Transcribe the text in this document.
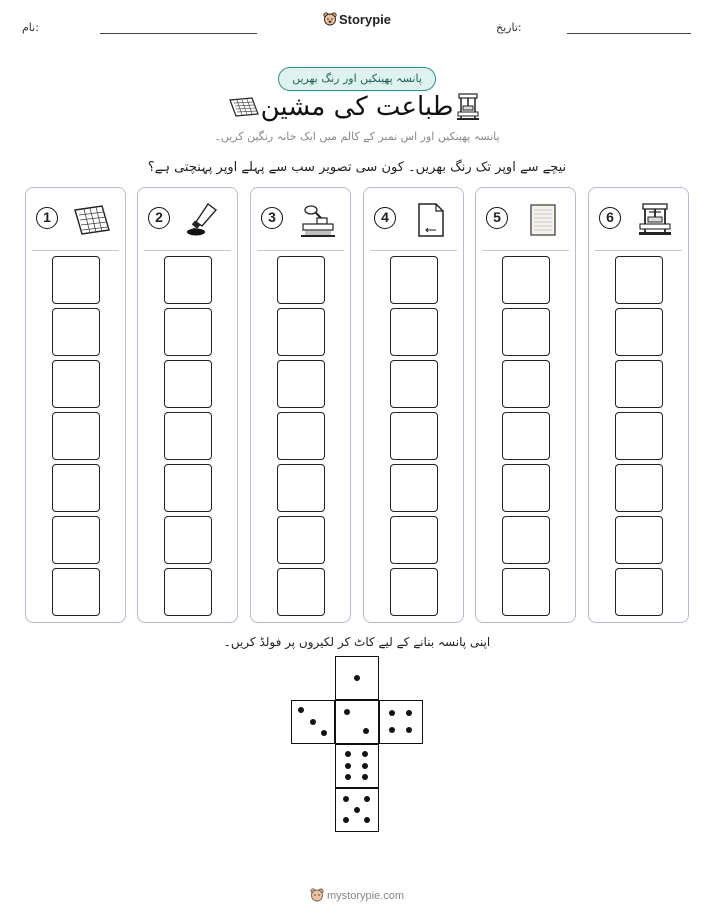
نام:
Storypie
تاریخ:
پانسہ پھینکیں اور رنگ بھریں
طباعت کی مشین
پانسہ پھینکیں اور اس نمبر کے کالم میں ایک خانہ رنگین کریں۔
نیچے سے اوپر تک رنگ بھریں۔ کون سی تصویر سب سے پہلے اوپر پہنچتی ہے؟
1	2	3	4	5	6
اپنی پانسہ بنانے کے لیے کاٹ کر لکیروں پر فولڈ کریں۔
mystorypie.com
